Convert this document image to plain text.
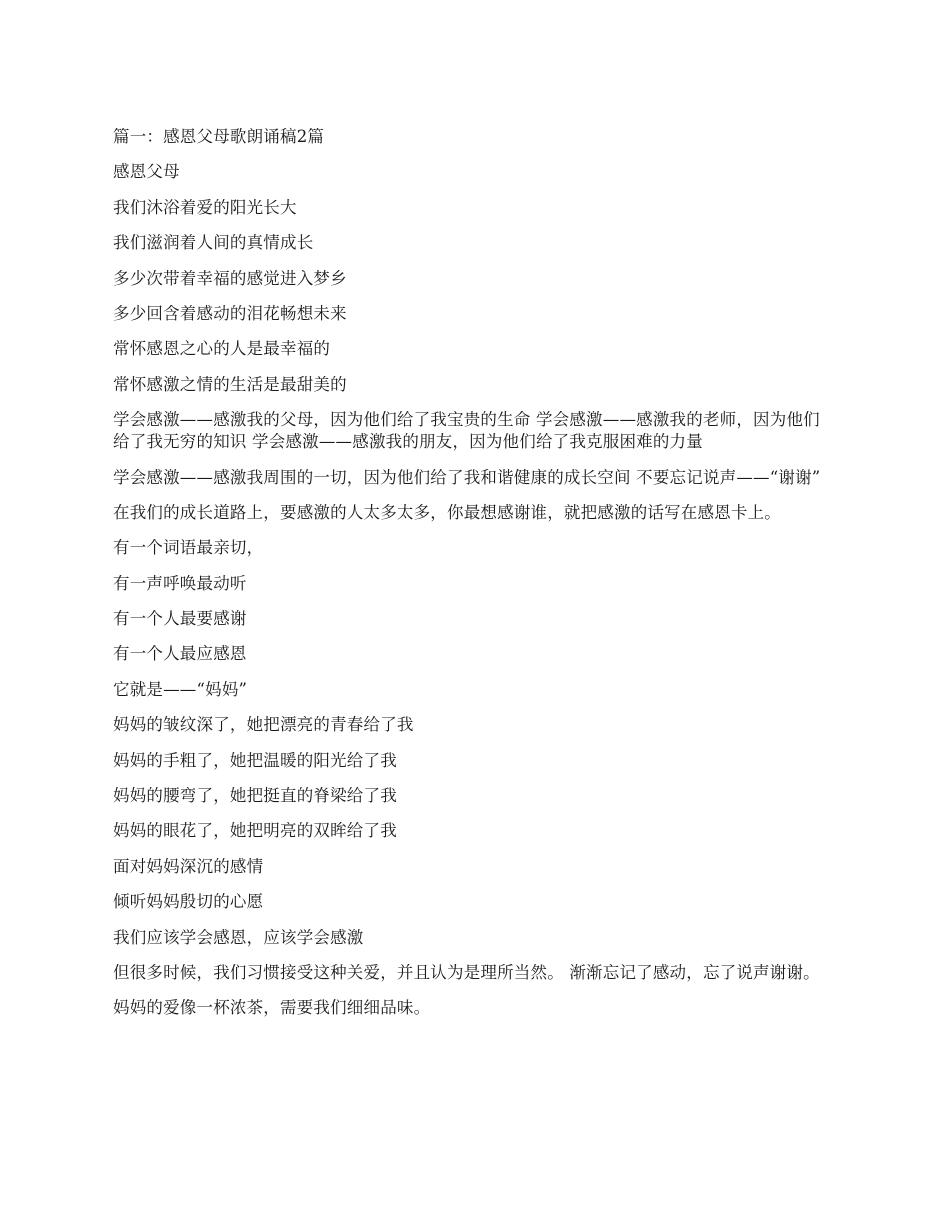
篇一：感恩父母歌朗诵稿2篇

感恩父母

我们沐浴着爱的阳光长大

我们滋润着人间的真情成长

多少次带着幸福的感觉进入梦乡

多少回含着感动的泪花畅想未来

常怀感恩之心的人是最幸福的

常怀感激之情的生活是最甜美的

学会感激——感激我的父母，因为他们给了我宝贵的生命 学会感激——感激我的老师，因为他们给了我无穷的知识 学会感激——感激我的朋友，因为他们给了我克服困难的力量

学会感激——感激我周围的一切，因为他们给了我和谐健康的成长空间 不要忘记说声——“谢谢”

在我们的成长道路上，要感激的人太多太多，你最想感谢谁，就把感激的话写在感恩卡上。

有一个词语最亲切，

有一声呼唤最动听

有一个人最要感谢

有一个人最应感恩

它就是——“妈妈”

妈妈的皱纹深了，她把漂亮的青春给了我

妈妈的手粗了，她把温暖的阳光给了我

妈妈的腰弯了，她把挺直的脊梁给了我

妈妈的眼花了，她把明亮的双眸给了我

面对妈妈深沉的感情

倾听妈妈殷切的心愿

我们应该学会感恩，应该学会感激

但很多时候，我们习惯接受这种关爱，并且认为是理所当然。 渐渐忘记了感动，忘了说声谢谢。

妈妈的爱像一杯浓茶，需要我们细细品味。
